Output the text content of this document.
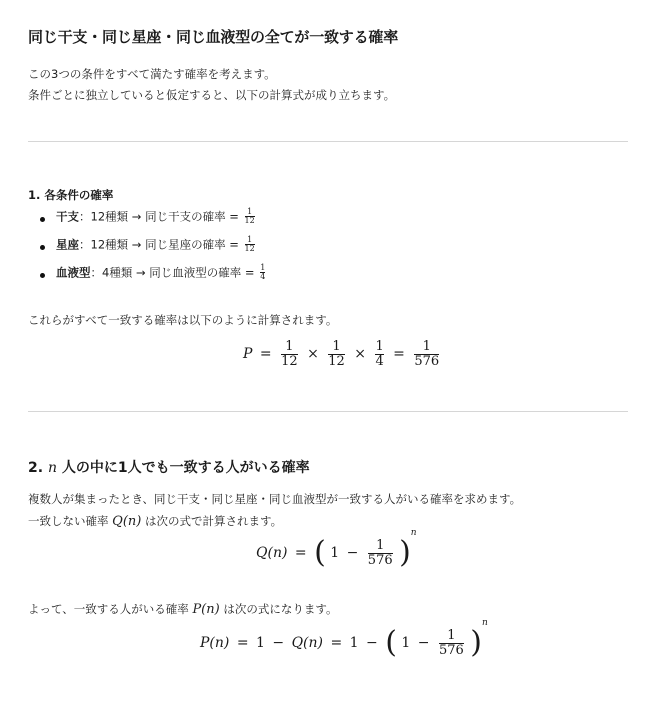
同じ干支・同じ星座・同じ血液型の全てが一致する確率
この3つの条件をすべて満たす確率を考えます。
条件ごとに独立していると仮定すると、以下の計算式が成り立ちます。
1. 各条件の確率
干支：12種類 → 同じ干支の確率 = $\frac{1}{12}$
星座：12種類 → 同じ星座の確率 = $\frac{1}{12}$
血液型：4種類 → 同じ血液型の確率 = $\frac{1}{4}$
これらがすべて一致する確率は以下のように計算されます。
$P = \frac{1}{12} \times \frac{1}{12} \times \frac{1}{4} = \frac{1}{576}$
2. n 人の中に1人でも一致する人がいる確率
複数人が集まったとき、同じ干支・同じ星座・同じ血液型が一致する人がいる確率を求めます。
一致しない確率 Q(n) は次の式で計算されます。
Q(n) = ( $1 - \frac{1}{576} )^n$
よって、一致する人がいる確率 P(n) は次の式になります。
P(n) = 1 − Q(n) = 1 − ( $1 - \frac{1}{576} )^n$
